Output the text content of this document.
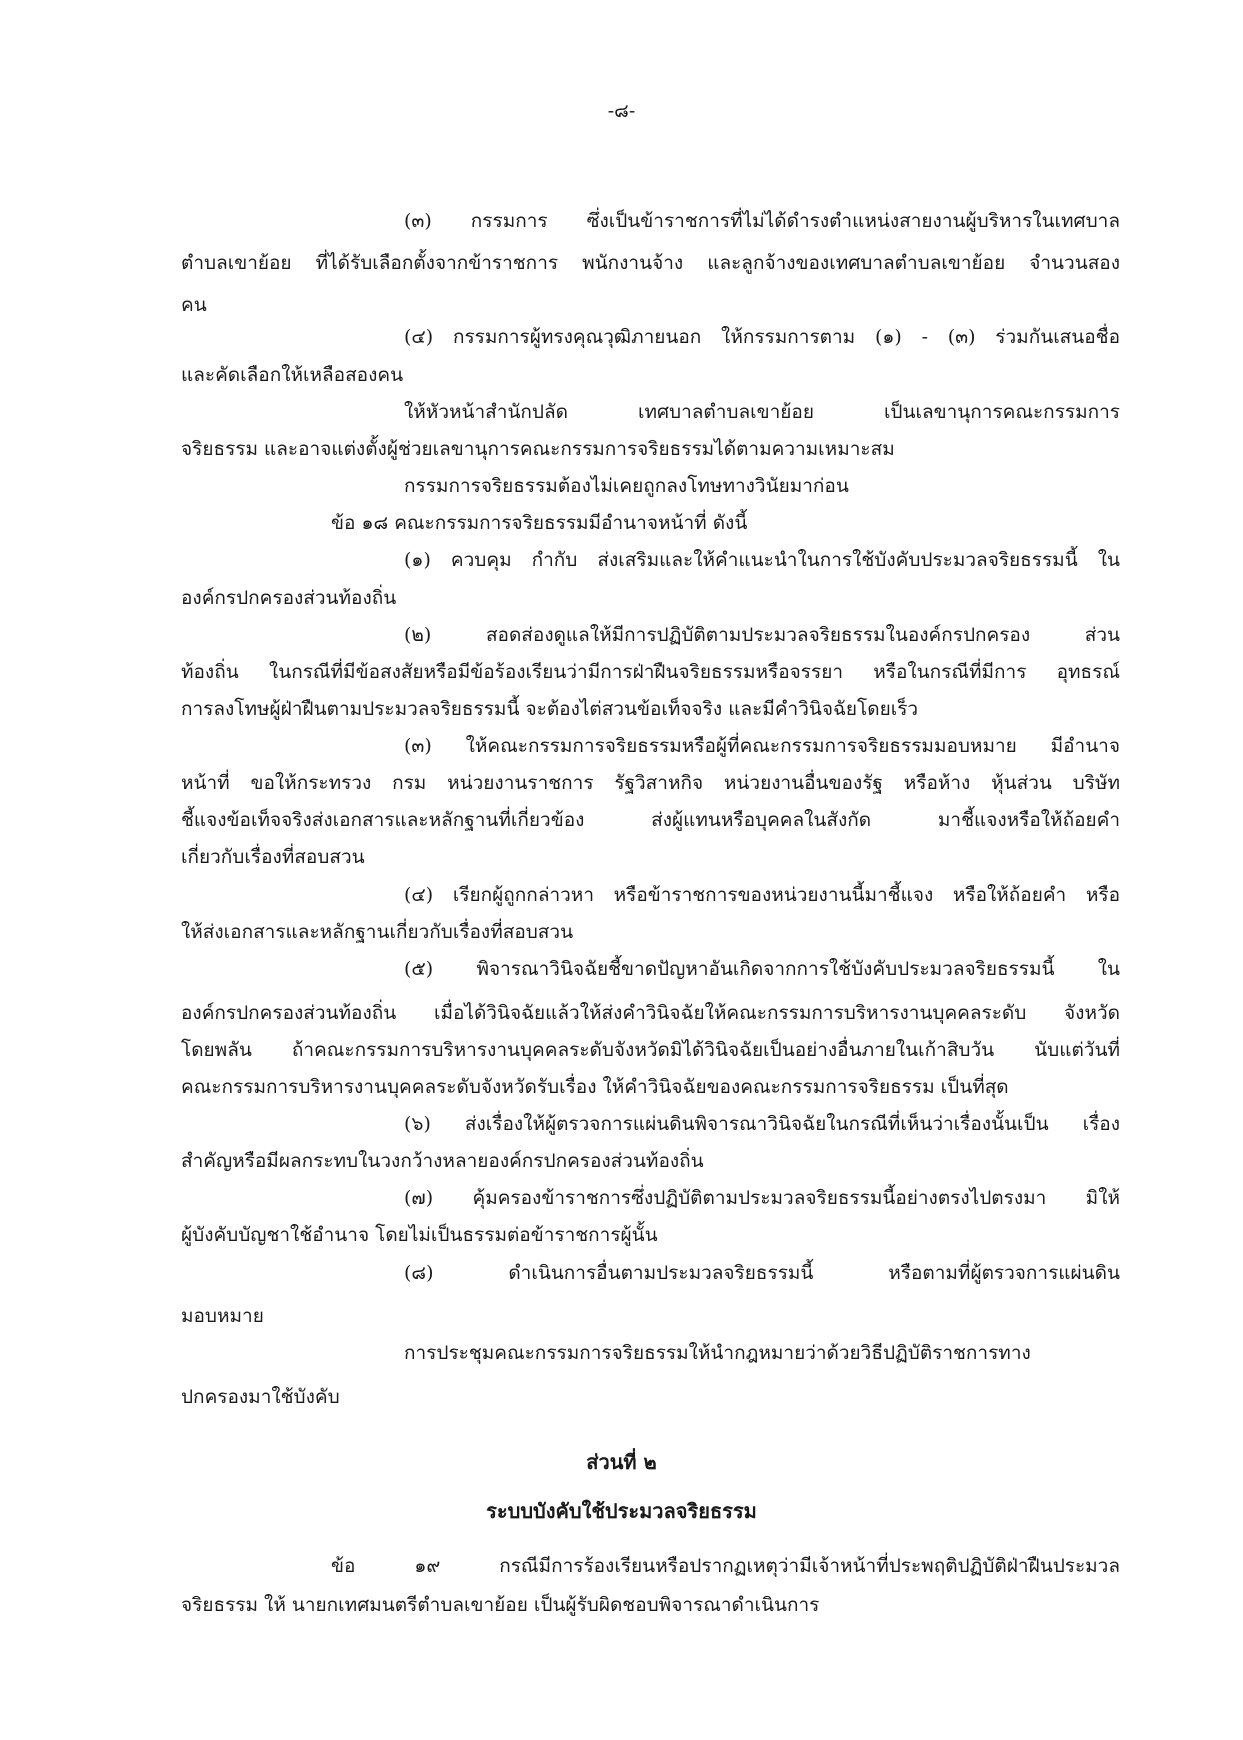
-๘-
(๓) กรรมการ ซึ่งเป็นข้าราชการที่ไม่ได้ดำรงตำแหน่งสายงานผู้บริหารในเทศบาล
ตำบลเขาย้อย ที่ได้รับเลือกตั้งจากข้าราชการ พนักงานจ้าง และลูกจ้างของเทศบาลตำบลเขาย้อย จำนวนสอง
คน
(๔) กรรมการผู้ทรงคุณวุฒิภายนอก ให้กรรมการตาม (๑) - (๓) ร่วมกันเสนอชื่อ
และคัดเลือกให้เหลือสองคน
ให้หัวหน้าสำนักปลัด เทศบาลตำบลเขาย้อย เป็นเลขานุการคณะกรรมการ
จริยธรรม และอาจแต่งตั้งผู้ช่วยเลขานุการคณะกรรมการจริยธรรมได้ตามความเหมาะสม
กรรมการจริยธรรมต้องไม่เคยถูกลงโทษทางวินัยมาก่อน
ข้อ ๑๘ คณะกรรมการจริยธรรมมีอำนาจหน้าที่ ดังนี้
(๑) ควบคุม กำกับ ส่งเสริมและให้คำแนะนำในการใช้บังคับประมวลจริยธรรมนี้ ใน
องค์กรปกครองส่วนท้องถิ่น
(๒) สอดส่องดูแลให้มีการปฏิบัติตามประมวลจริยธรรมในองค์กรปกครอง ส่วน
ท้องถิ่น ในกรณีที่มีข้อสงสัยหรือมีข้อร้องเรียนว่ามีการฝ่าฝืนจริยธรรมหรือจรรยา หรือในกรณีที่มีการ อุทธรณ์
การลงโทษผู้ฝ่าฝืนตามประมวลจริยธรรมนี้ จะต้องไต่สวนข้อเท็จจริง และมีคำวินิจฉัยโดยเร็ว
(๓) ให้คณะกรรมการจริยธรรมหรือผู้ที่คณะกรรมการจริยธรรมมอบหมาย มีอำนาจ
หน้าที่ ขอให้กระทรวง กรม หน่วยงานราชการ รัฐวิสาหกิจ หน่วยงานอื่นของรัฐ หรือห้าง หุ้นส่วน บริษัท
ชี้แจงข้อเท็จจริงส่งเอกสารและหลักฐานที่เกี่ยวข้อง ส่งผู้แทนหรือบุคคลในสังกัด มาชี้แจงหรือให้ถ้อยคำ
เกี่ยวกับเรื่องที่สอบสวน
(๔) เรียกผู้ถูกกล่าวหา หรือข้าราชการของหน่วยงานนี้มาชี้แจง หรือให้ถ้อยคำ หรือ
ให้ส่งเอกสารและหลักฐานเกี่ยวกับเรื่องที่สอบสวน
(๕) พิจารณาวินิจฉัยชี้ขาดปัญหาอันเกิดจากการใช้บังคับประมวลจริยธรรมนี้ ใน
องค์กรปกครองส่วนท้องถิ่น เมื่อได้วินิจฉัยแล้วให้ส่งคำวินิจฉัยให้คณะกรรมการบริหารงานบุคคลระดับ จังหวัด
โดยพลัน ถ้าคณะกรรมการบริหารงานบุคคลระดับจังหวัดมิได้วินิจฉัยเป็นอย่างอื่นภายในเก้าสิบวัน นับแต่วันที่
คณะกรรมการบริหารงานบุคคลระดับจังหวัดรับเรื่อง ให้คำวินิจฉัยของคณะกรรมการจริยธรรม เป็นที่สุด
(๖) ส่งเรื่องให้ผู้ตรวจการแผ่นดินพิจารณาวินิจฉัยในกรณีที่เห็นว่าเรื่องนั้นเป็น เรื่อง
สำคัญหรือมีผลกระทบในวงกว้างหลายองค์กรปกครองส่วนท้องถิ่น
(๗) คุ้มครองข้าราชการซึ่งปฏิบัติตามประมวลจริยธรรมนี้อย่างตรงไปตรงมา มิให้
ผู้บังคับบัญชาใช้อำนาจ โดยไม่เป็นธรรมต่อข้าราชการผู้นั้น
(๘) ดำเนินการอื่นตามประมวลจริยธรรมนี้ หรือตามที่ผู้ตรวจการแผ่นดิน
มอบหมาย
การประชุมคณะกรรมการจริยธรรมให้นำกฎหมายว่าด้วยวิธีปฏิบัติราชการทาง
ปกครองมาใช้บังคับ
ส่วนที่ ๒
ระบบบังคับใช้ประมวลจริยธรรม
ข้อ ๑๙ กรณีมีการร้องเรียนหรือปรากฏเหตุว่ามีเจ้าหน้าที่ประพฤติปฏิบัติฝ่าฝืนประมวล
จริยธรรม ให้ นายกเทศมนตรีตำบลเขาย้อย เป็นผู้รับผิดชอบพิจารณาดำเนินการ
